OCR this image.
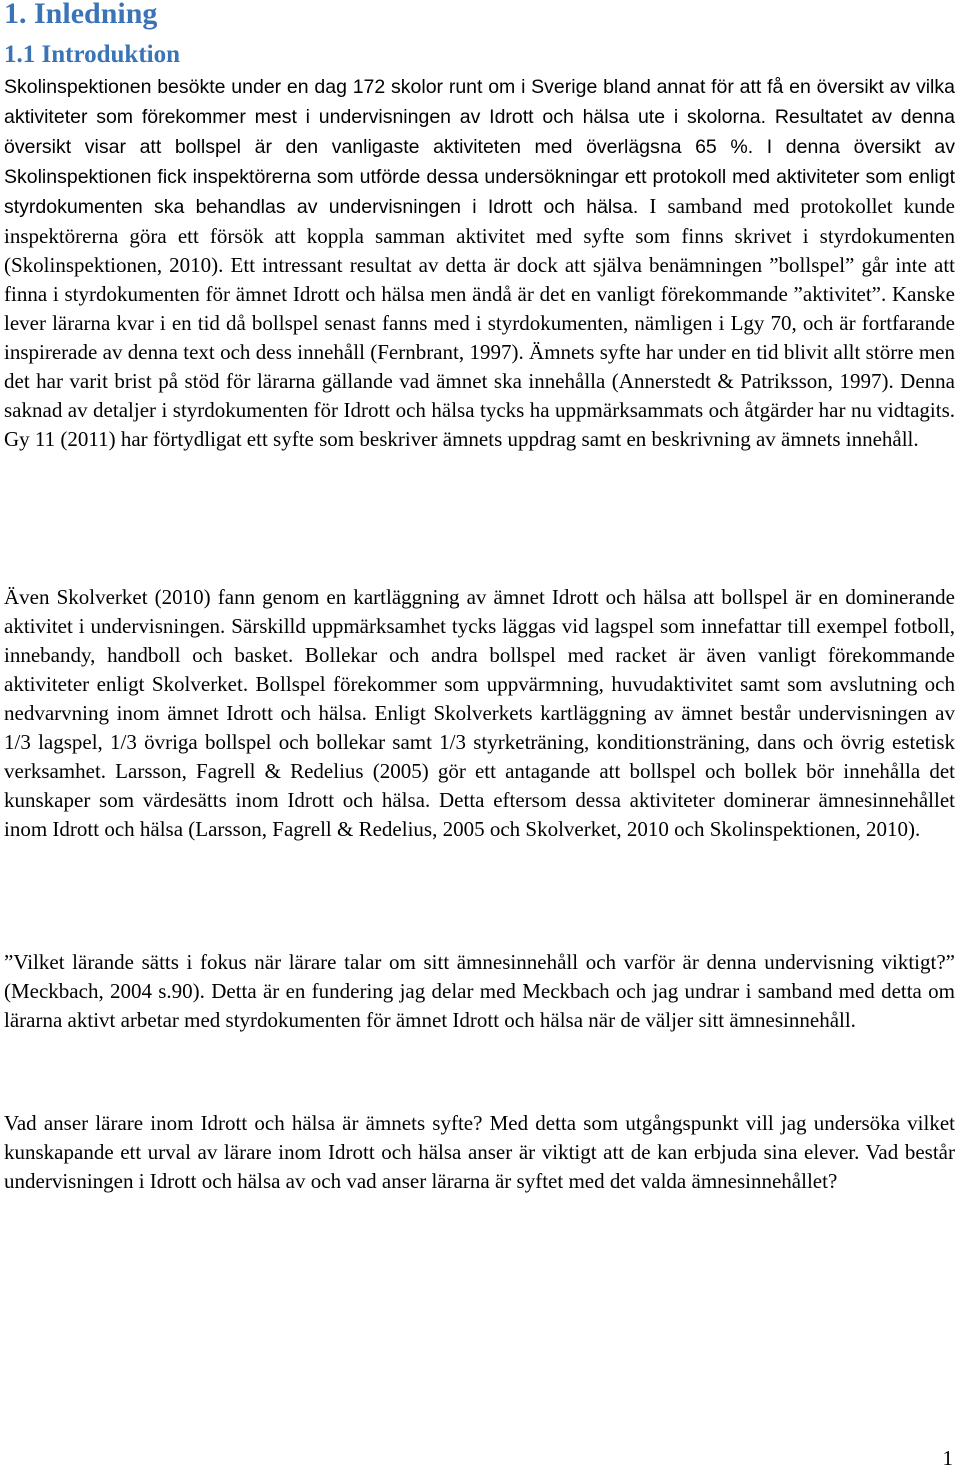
1. Inledning
1.1 Introduktion

Skolinspektionen besökte under en dag 172 skolor runt om i Sverige bland annat för att få en översikt av vilka aktiviteter som förekommer mest i undervisningen av Idrott och hälsa ute i skolorna. Resultatet av denna översikt visar att bollspel är den vanligaste aktiviteten med överlägsna 65 %. I denna översikt av Skolinspektionen fick inspektörerna som utförde dessa undersökningar ett protokoll med aktiviteter som enligt styrdokumenten ska behandlas av undervisningen i Idrott och hälsa. I samband med protokollet kunde inspektörerna göra ett försök att koppla samman aktivitet med syfte som finns skrivet i styrdokumenten (Skolinspektionen, 2010). Ett intressant resultat av detta är dock att själva benämningen ”bollspel” går inte att finna i styrdokumenten för ämnet Idrott och hälsa men ändå är det en vanligt förekommande ”aktivitet”. Kanske lever lärarna kvar i en tid då bollspel senast fanns med i styrdokumenten, nämligen i Lgy 70, och är fortfarande inspirerade av denna text och dess innehåll (Fernbrant, 1997). Ämnets syfte har under en tid blivit allt större men det har varit brist på stöd för lärarna gällande vad ämnet ska innehålla (Annerstedt & Patriksson, 1997). Denna saknad av detaljer i styrdokumenten för Idrott och hälsa tycks ha uppmärksammats och åtgärder har nu vidtagits. Gy 11 (2011) har förtydligat ett syfte som beskriver ämnets uppdrag samt en beskrivning av ämnets innehåll.

Även Skolverket (2010) fann genom en kartläggning av ämnet Idrott och hälsa att bollspel är en dominerande aktivitet i undervisningen. Särskilld uppmärksamhet tycks läggas vid lagspel som innefattar till exempel fotboll, innebandy, handboll och basket. Bollekar och andra bollspel med racket är även vanligt förekommande aktiviteter enligt Skolverket. Bollspel förekommer som uppvärmning, huvudaktivitet samt som avslutning och nedvarvning inom ämnet Idrott och hälsa. Enligt Skolverkets kartläggning av ämnet består undervisningen av 1/3 lagspel, 1/3 övriga bollspel och bollekar samt 1/3 styrketräning, konditionsträning, dans och övrig estetisk verksamhet. Larsson, Fagrell & Redelius (2005) gör ett antagande att bollspel och bollek bör innehålla det kunskaper som värdesätts inom Idrott och hälsa. Detta eftersom dessa aktiviteter dominerar ämnesinnehållet inom Idrott och hälsa (Larsson, Fagrell & Redelius, 2005 och Skolverket, 2010 och Skolinspektionen, 2010).

”Vilket lärande sätts i fokus när lärare talar om sitt ämnesinnehåll och varför är denna undervisning viktigt?” (Meckbach, 2004 s.90). Detta är en fundering jag delar med Meckbach och jag undrar i samband med detta om lärarna aktivt arbetar med styrdokumenten för ämnet Idrott och hälsa när de väljer sitt ämnesinnehåll.

Vad anser lärare inom Idrott och hälsa är ämnets syfte? Med detta som utgångspunkt vill jag undersöka vilket kunskapande ett urval av lärare inom Idrott och hälsa anser är viktigt att de kan erbjuda sina elever. Vad består undervisningen i Idrott och hälsa av och vad anser lärarna är syftet med det valda ämnesinnehållet?

1
